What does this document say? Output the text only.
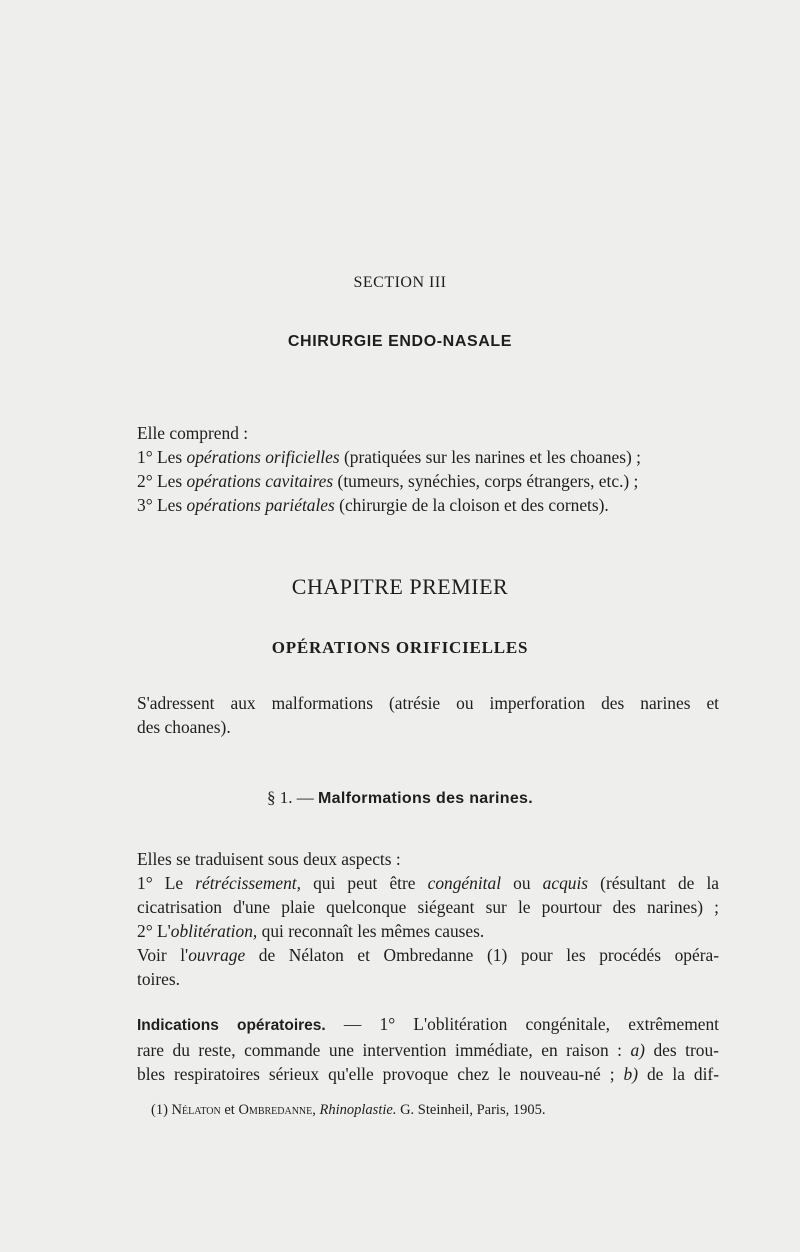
SECTION III
CHIRURGIE ENDO-NASALE
Elle comprend :
1° Les opérations orificielles (pratiquées sur les narines et les choanes) ;
2° Les opérations cavitaires (tumeurs, synéchies, corps étrangers, etc.) ;
3° Les opérations pariétales (chirurgie de la cloison et des cornets).
CHAPITRE PREMIER
OPÉRATIONS ORIFICIELLES
S'adressent aux malformations (atrésie ou imperforation des narines et
des choanes).
§ 1. — Malformations des narines.
Elles se traduisent sous deux aspects :
1° Le rétrécissement, qui peut être congénital ou acquis (résultant de la
cicatrisation d'une plaie quelconque siégeant sur le pourtour des narines) ;
2° L'oblitération, qui reconnaît les mêmes causes.
Voir l'ouvrage de Nélaton et Ombredanne (1) pour les procédés opéra-
toires.
Indications opératoires. — 1° L'oblitération congénitale, extrêmement
rare du reste, commande une intervention immédiate, en raison : a) des trou-
bles respiratoires sérieux qu'elle provoque chez le nouveau-né ; b) de la dif-
(1) Nélaton et Ombredanne, Rhinoplastie. G. Steinheil, Paris, 1905.
